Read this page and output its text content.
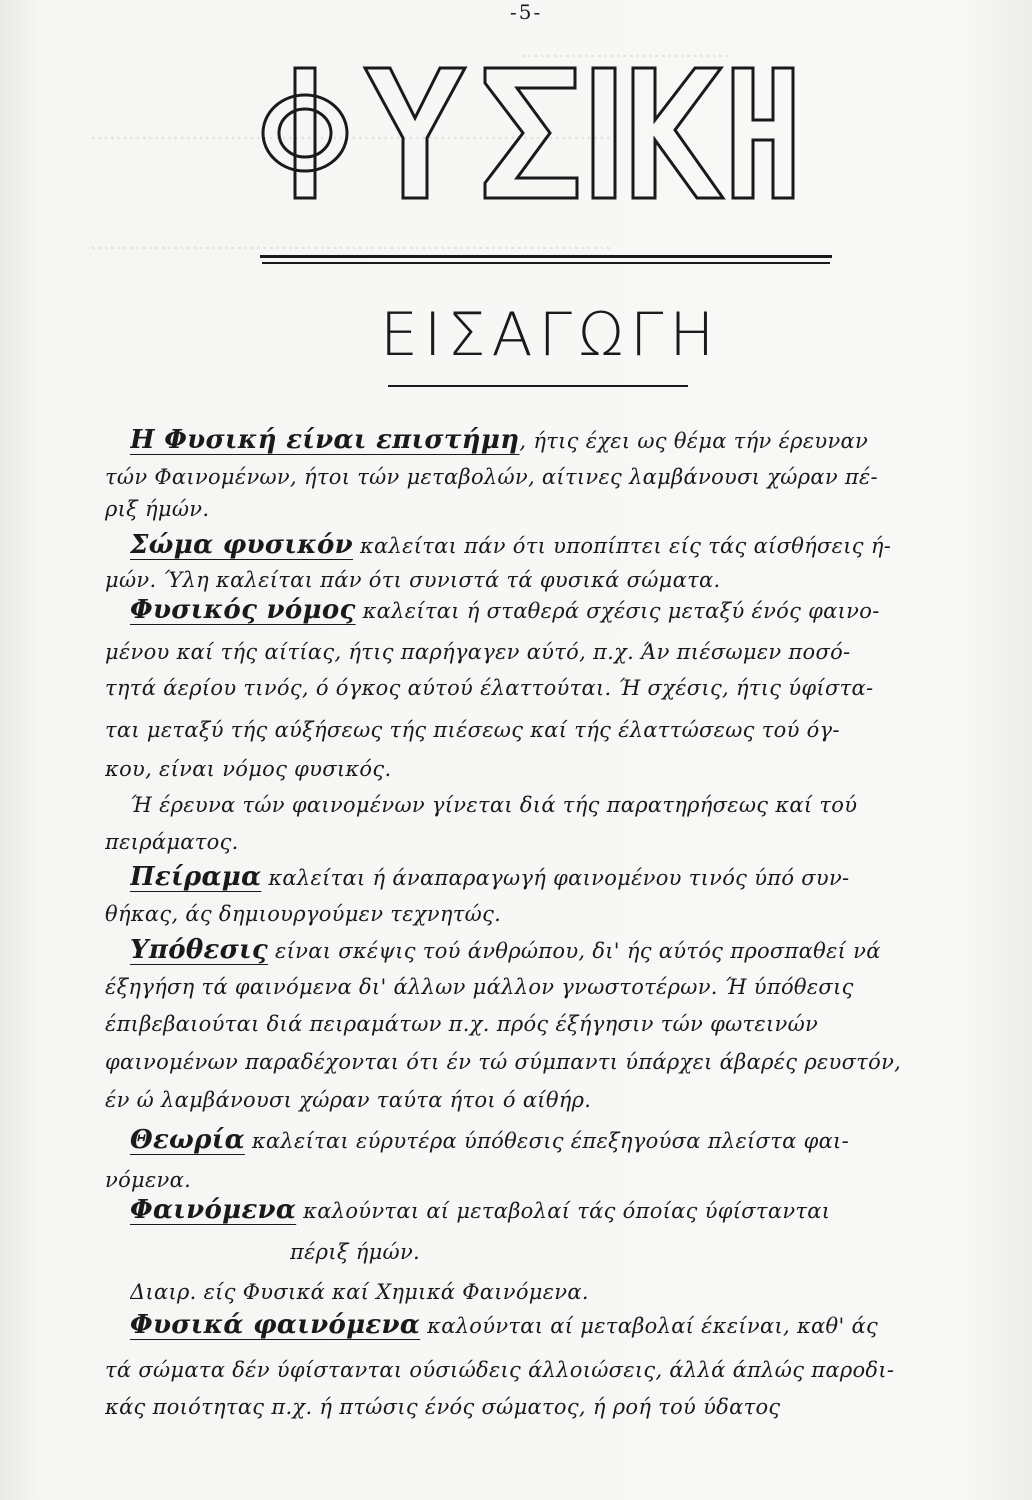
.................................
..................................................................................
..................................................................................
-5-
ΕΙΣΑΓΩΓΗ
Η Φυσική είναι επιστήμη, ήτις έχει ως θέμα τήν έρευναν
τών Φαινομένων, ήτοι τών μεταβολών, αίτινες λαμβάνουσι χώραν πέ-
ριξ ήμών.
Σώμα φυσικόν καλείται πάν ότι υποπίπτει είς τάς αίσθήσεις ή-
μών. Ύλη καλείται πάν ότι συνιστά τά φυσικά σώματα.
Φυσικός νόμος καλείται ή σταθερά σχέσις μεταξύ ένός φαινο-
μένου καί τής αίτίας, ήτις παρήγαγεν αύτό, π.χ. Άν πιέσωμεν ποσό-
τητά άερίου τινός, ό όγκος αύτού έλαττούται. Ή σχέσις, ήτις ύφίστα-
ται μεταξύ τής αύξήσεως τής πιέσεως καί τής έλαττώσεως τού όγ-
κου, είναι νόμος φυσικός.
Ή έρευνα τών φαινομένων γίνεται διά τής παρατηρήσεως καί τού
πειράματος.
Πείραμα καλείται ή άναπαραγωγή φαινομένου τινός ύπό συν-
θήκας, άς δημιουργούμεν τεχνητώς.
Υπόθεσις είναι σκέψις τού άνθρώπου, δι' ής αύτός προσπαθεί νά
έξηγήση τά φαινόμενα δι' άλλων μάλλον γνωστοτέρων. Ή ύπόθεσις
έπιβεβαιούται διά πειραμάτων π.χ. πρός έξήγησιν τών φωτεινών
φαινομένων παραδέχονται ότι έν τώ σύμπαντι ύπάρχει άβαρές ρευστόν,
έν ώ λαμβάνουσι χώραν ταύτα ήτοι ό αίθήρ.
Θεωρία καλείται εύρυτέρα ύπόθεσις έπεξηγούσα πλείστα φαι-
νόμενα.
Φαινόμενα καλούνται αί μεταβολαί τάς όποίας ύφίστανται
πέριξ ήμών.
Διαιρ. είς Φυσικά καί Χημικά Φαινόμενα.
Φυσικά φαινόμενα καλούνται αί μεταβολαί έκείναι, καθ' άς
τά σώματα δέν ύφίστανται ούσιώδεις άλλοιώσεις, άλλά άπλώς παροδι-
κάς ποιότητας π.χ. ή πτώσις ένός σώματος, ή ροή τού ύδατος
